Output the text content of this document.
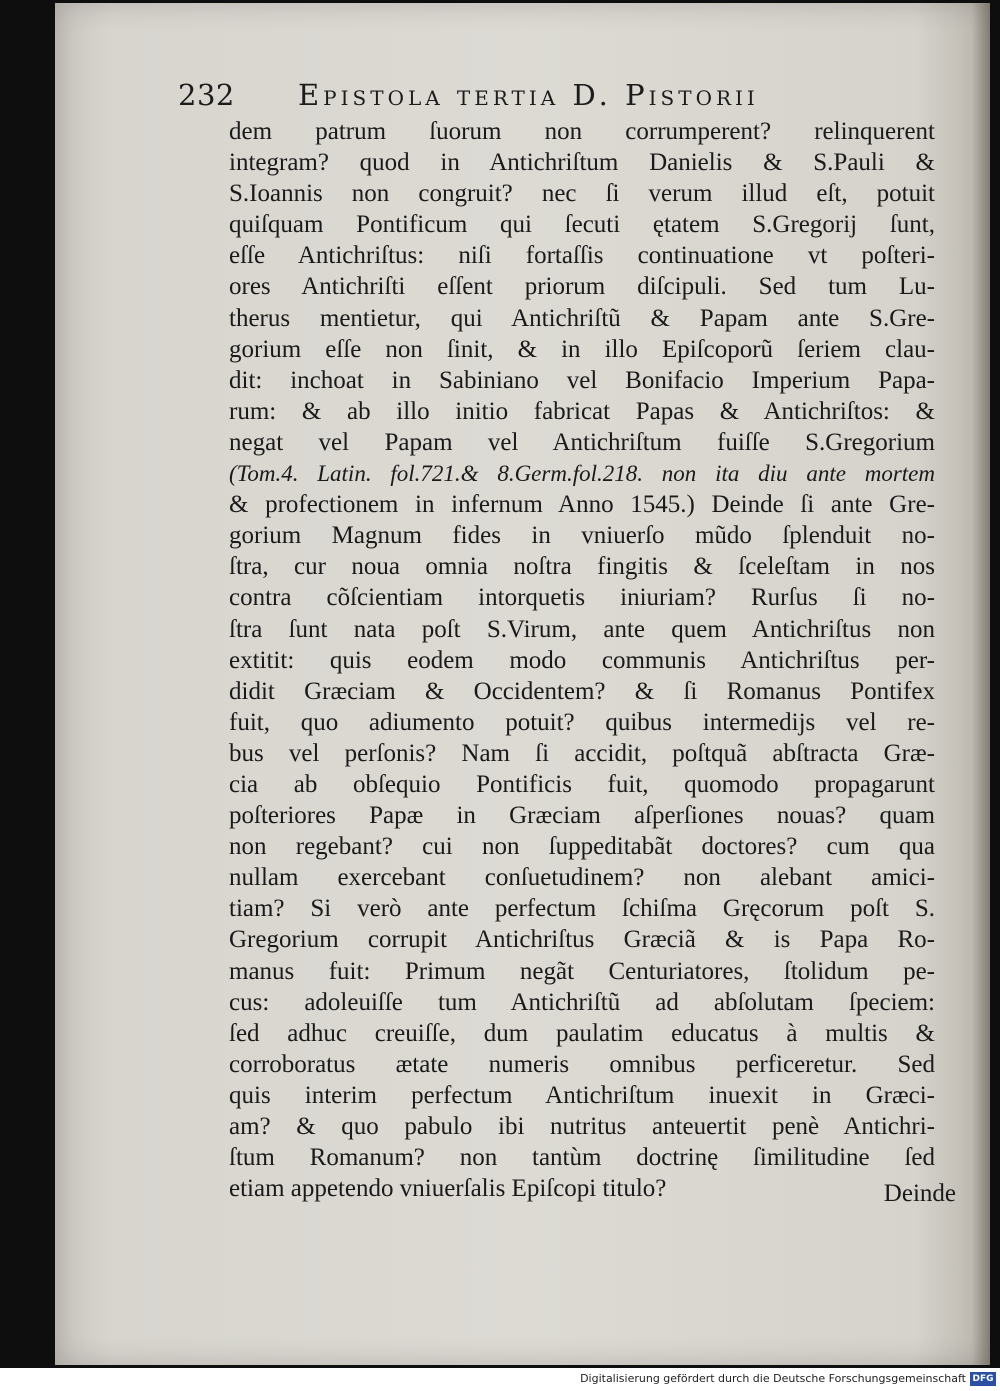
232 Epistola tertia D. Pistorii
dem patrum ſuorum non corrumperent? relinquerent
integram? quod in Antichriſtum Danielis & S.Pauli &
S.Ioannis non congruit? nec ſi verum illud eſt, potuit
quiſquam Pontificum qui ſecuti ętatem S.Gregorij ſunt,
eſſe Antichriſtus: niſi fortaſſis continuatione vt poſteri-
ores Antichriſti eſſent priorum diſcipuli. Sed tum Lu-
therus mentietur, qui Antichriſtũ & Papam ante S.Gre-
gorium eſſe non ſinit, & in illo Epiſcoporũ ſeriem clau-
dit: inchoat in Sabiniano vel Bonifacio Imperium Papa-
rum: & ab illo initio fabricat Papas & Antichriſtos: &
negat vel Papam vel Antichriſtum fuiſſe S.Gregorium
(Tom.4. Latin. fol.721.& 8.Germ.fol.218. non ita diu ante mortem
& profectionem in infernum Anno 1545.) Deinde ſi ante Gre-
gorium Magnum fides in vniuerſo mũdo ſplenduit no-
ſtra, cur noua omnia noſtra fingitis & ſceleſtam in nos
contra cõſcientiam intorquetis iniuriam? Rurſus ſi no-
ſtra ſunt nata poſt S.Virum, ante quem Antichriſtus non
extitit: quis eodem modo communis Antichriſtus per-
didit Græciam & Occidentem? & ſi Romanus Pontifex
fuit, quo adiumento potuit? quibus intermedijs vel re-
bus vel perſonis? Nam ſi accidit, poſtquã abſtracta Græ-
cia ab obſequio Pontificis fuit, quomodo propagarunt
poſteriores Papæ in Græciam aſperſiones nouas? quam
non regebant? cui non ſuppeditabãt doctores? cum qua
nullam exercebant conſuetudinem? non alebant amici-
tiam? Si verò ante perfectum ſchiſma Gręcorum poſt S.
Gregorium corrupit Antichriſtus Græciã & is Papa Ro-
manus fuit: Primum negãt Centuriatores, ſtolidum pe-
cus: adoleuiſſe tum Antichriſtũ ad abſolutam ſpeciem:
ſed adhuc creuiſſe, dum paulatim educatus à multis &
corroboratus ætate numeris omnibus perficeretur. Sed
quis interim perfectum Antichriſtum inuexit in Græci-
am? & quo pabulo ibi nutritus anteuertit penè Antichri-
ſtum Romanum? non tantùm doctrinę ſimilitudine ſed
etiam appetendo vniuerſalis Epiſcopi titulo?	Deinde
Digitalisierung gefördert durch die Deutsche Forschungsgemeinschaft DFG
